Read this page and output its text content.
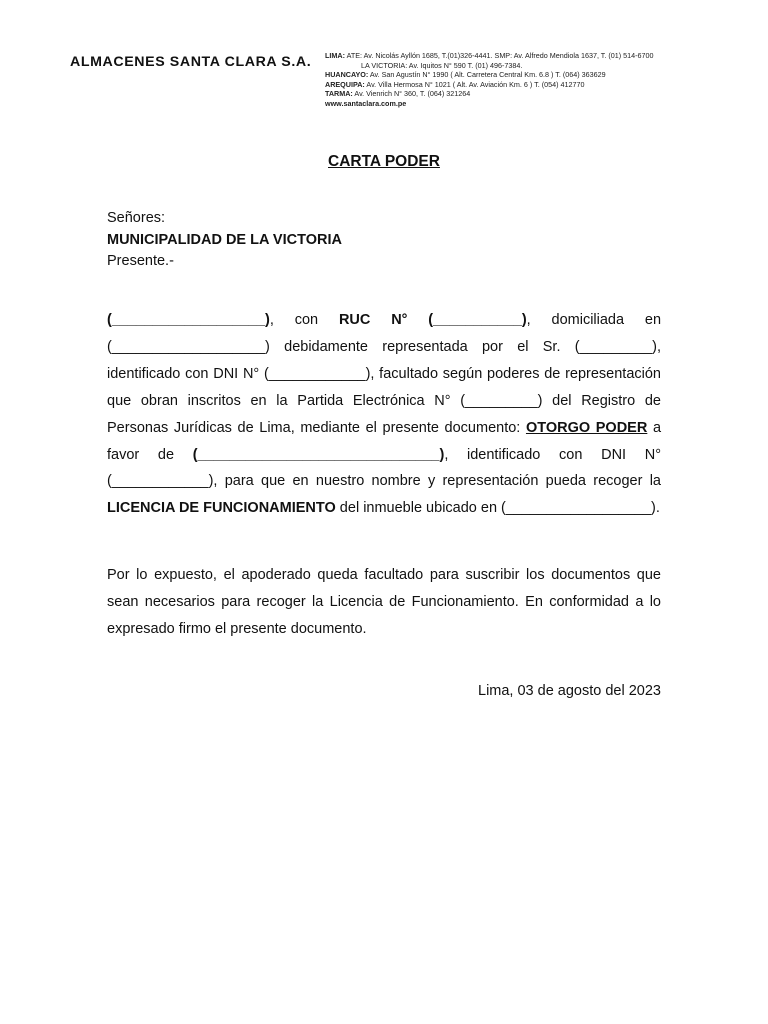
ALMACENES SANTA CLARA S.A. LIMA: ATE: Av. Nicolás Ayllón 1685, T.(01)326-4441. SMP: Av. Alfredo Mendiola 1637, T. (01) 514-6700
LA VICTORIA: Av. Iquitos N° 590 T. (01) 496-7384.
HUANCAYO: Av. San Agustín N° 1990 ( Alt. Carretera Central Km. 6.8 ) T. (064) 363629
AREQUIPA: Av. Villa Hermosa N° 1021 ( Alt. Av. Aviación Km. 6 ) T. (054) 412770
TARMA: Av. Vienrich N° 360, T. (064) 321264
www.santaclara.com.pe
CARTA PODER
Señores:
MUNICIPALIDAD DE LA VICTORIA
Presente.-
(___________________), con RUC N° (___________), domiciliada en (___________________) debidamente representada por el Sr. (_________), identificado con DNI N° (____________), facultado según poderes de representación que obran inscritos en la Partida Electrónica N° (_________) del Registro de Personas Jurídicas de Lima, mediante el presente documento: OTORGO PODER a favor de (______________________________), identificado con DNI N° (____________), para que en nuestro nombre y representación pueda recoger la LICENCIA DE FUNCIONAMIENTO del inmueble ubicado en (__________________).
Por lo expuesto, el apoderado queda facultado para suscribir los documentos que sean necesarios para recoger la Licencia de Funcionamiento. En conformidad a lo expresado firmo el presente documento.
Lima, 03 de agosto del 2023
